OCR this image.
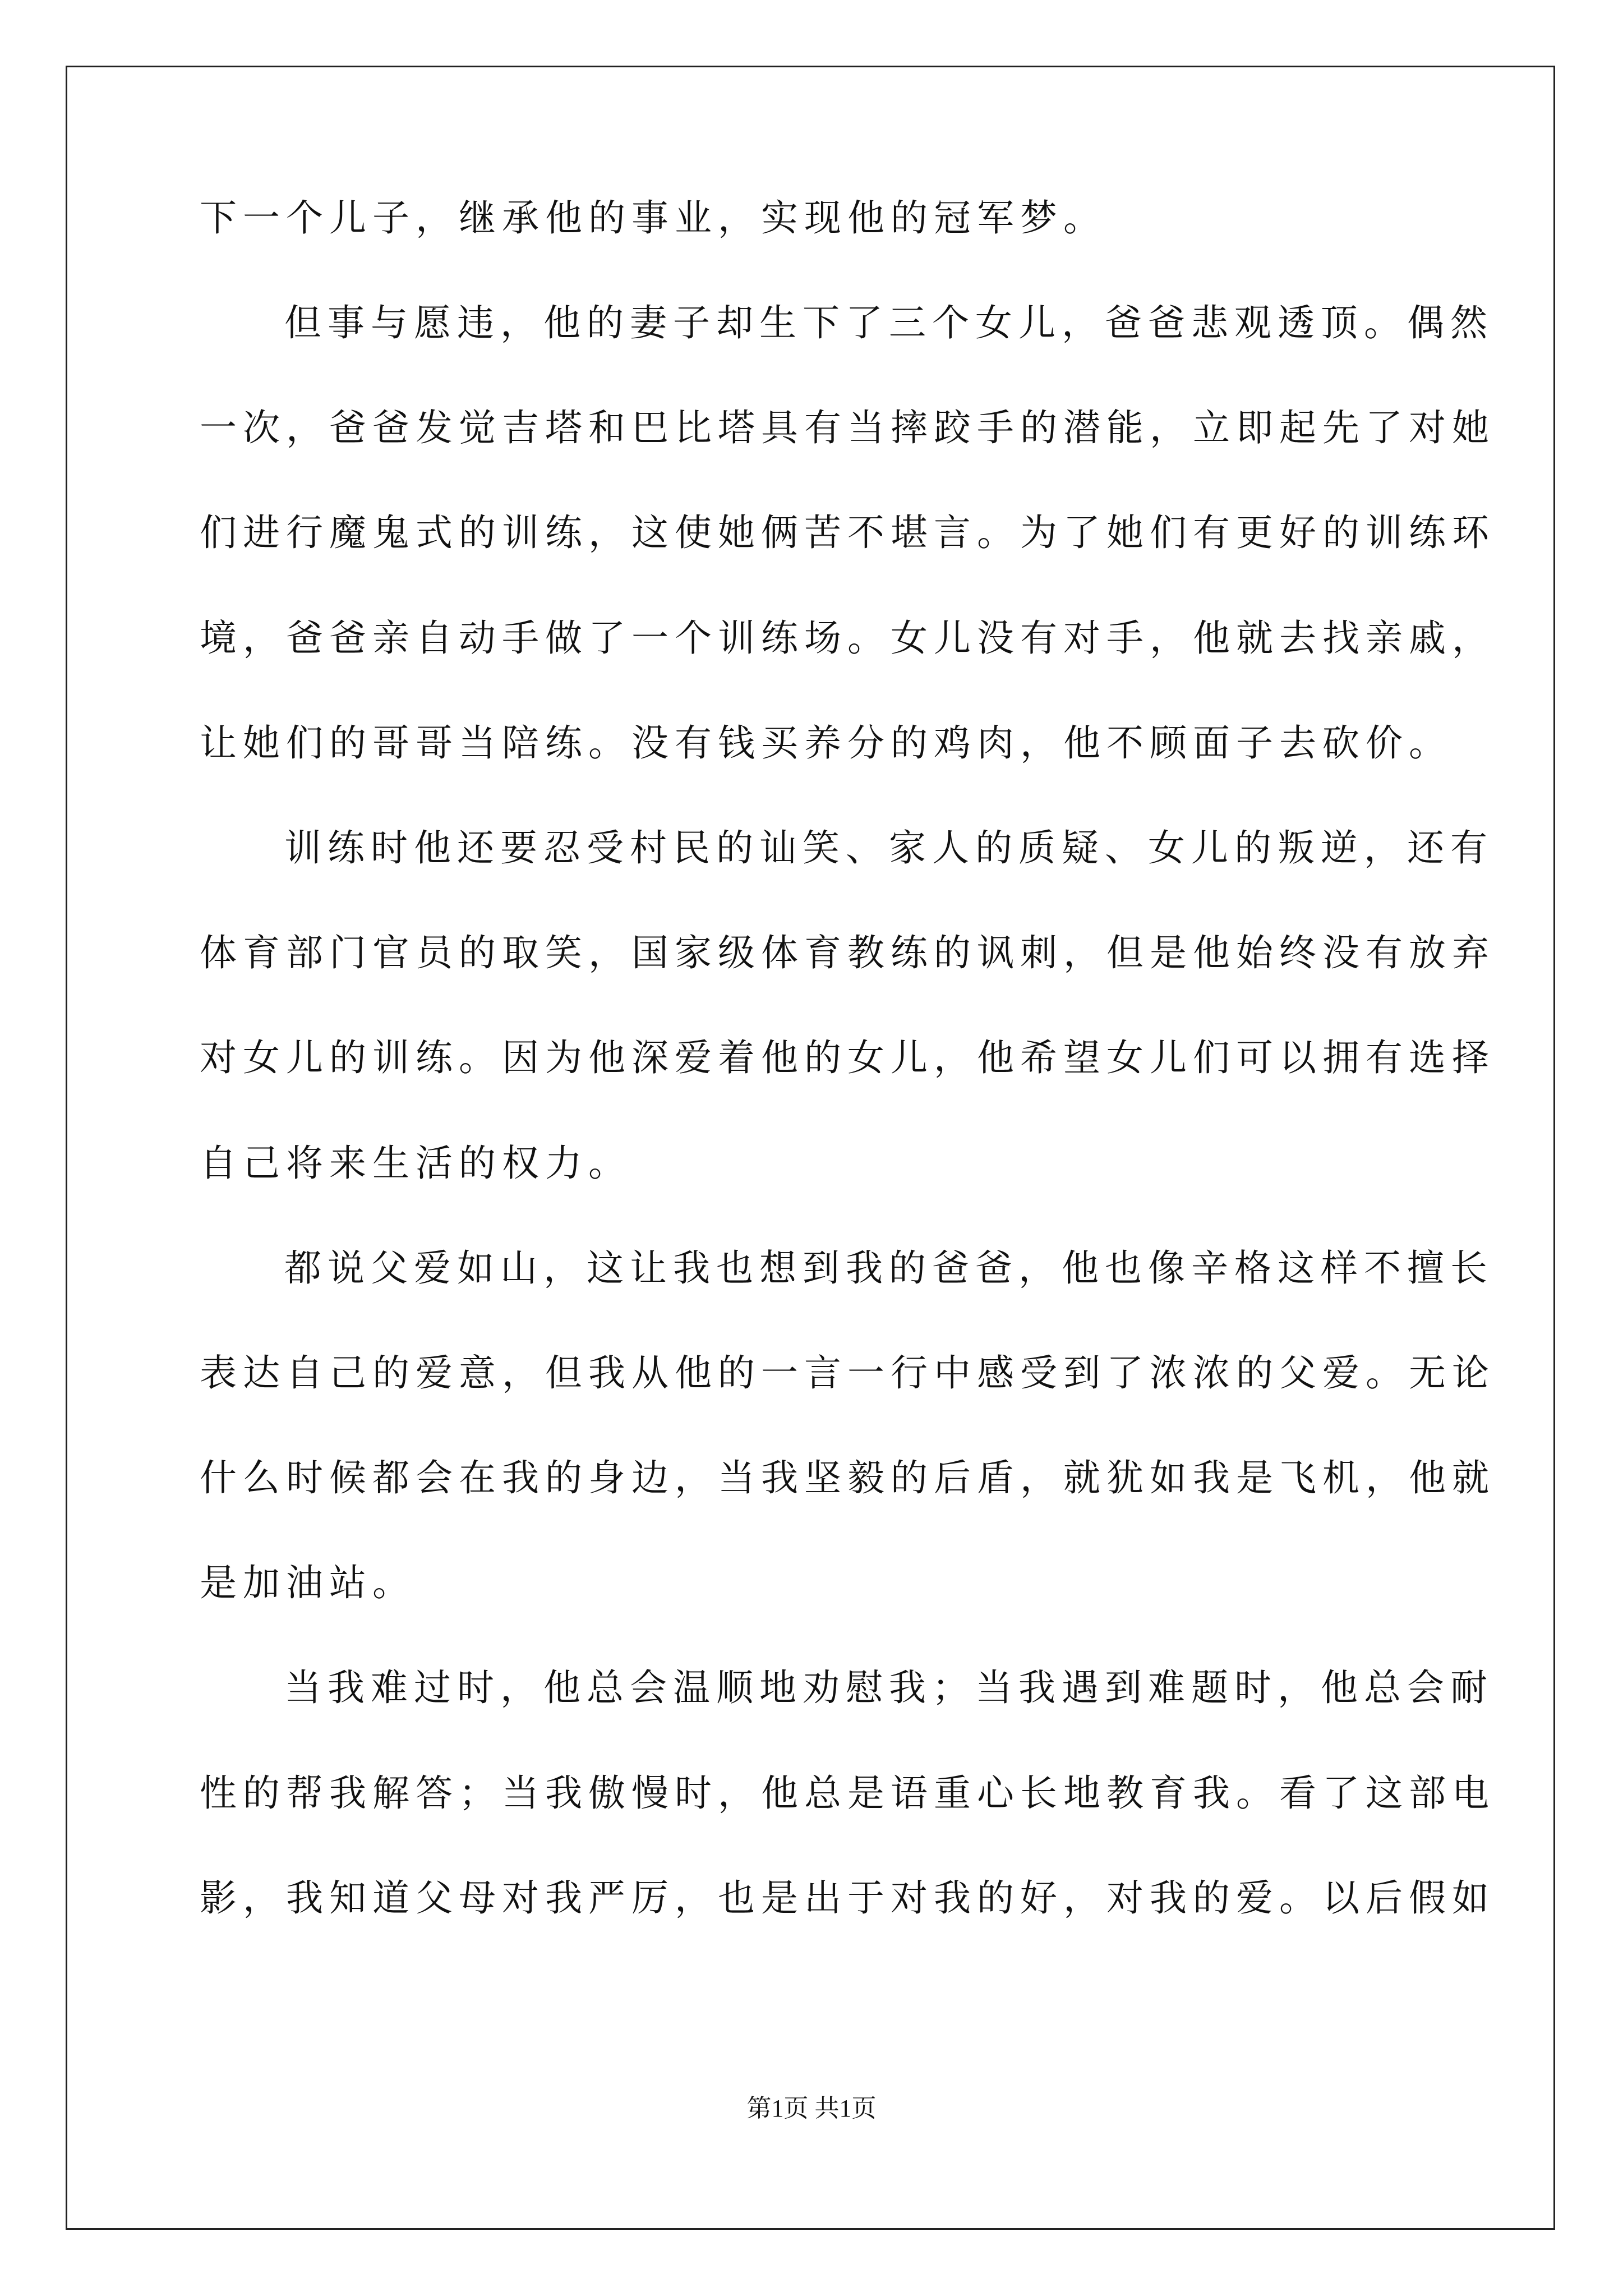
下一个儿子，继承他的事业，实现他的冠军梦。
但事与愿违，他的妻子却生下了三个女儿，爸爸悲观透顶。偶然
一次，爸爸发觉吉塔和巴比塔具有当摔跤手的潜能，立即起先了对她
们进行魔鬼式的训练，这使她俩苦不堪言。为了她们有更好的训练环
境，爸爸亲自动手做了一个训练场。女儿没有对手，他就去找亲戚，
让她们的哥哥当陪练。没有钱买养分的鸡肉，他不顾面子去砍价。
训练时他还要忍受村民的讪笑、家人的质疑、女儿的叛逆，还有
体育部门官员的取笑，国家级体育教练的讽刺，但是他始终没有放弃
对女儿的训练。因为他深爱着他的女儿，他希望女儿们可以拥有选择
自己将来生活的权力。
都说父爱如山，这让我也想到我的爸爸，他也像辛格这样不擅长
表达自己的爱意，但我从他的一言一行中感受到了浓浓的父爱。无论
什么时候都会在我的身边，当我坚毅的后盾，就犹如我是飞机，他就
是加油站。
当我难过时，他总会温顺地劝慰我；当我遇到难题时，他总会耐
性的帮我解答；当我傲慢时，他总是语重心长地教育我。看了这部电
影，我知道父母对我严厉，也是出于对我的好，对我的爱。以后假如
第1页 共1页
